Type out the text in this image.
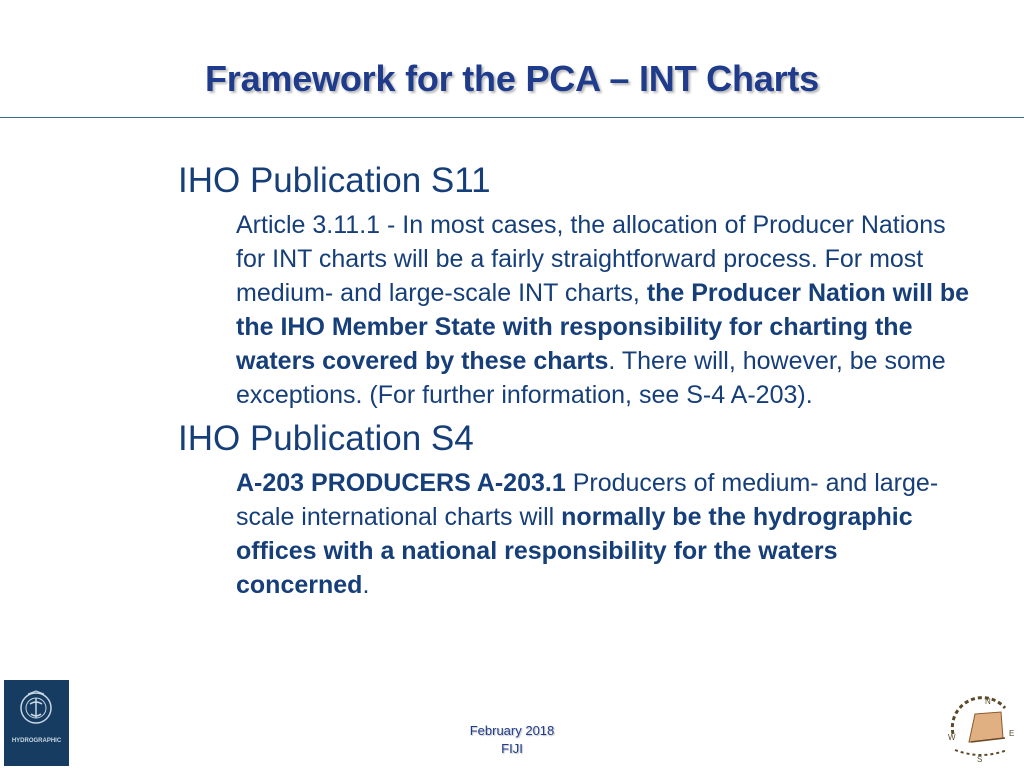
Framework for the PCA – INT Charts

IHO Publication S11

Article 3.11.1 - In most cases, the allocation of Producer Nations for INT charts will be a fairly straightforward process. For most medium- and large-scale INT charts, the Producer Nation will be the IHO Member State with responsibility for charting the waters covered by these charts. There will, however, be some exceptions. (For further information, see S-4 A-203).

IHO Publication S4

A-203 PRODUCERS A-203.1 Producers of medium- and large-scale international charts will normally be the hydrographic offices with a national responsibility for the waters concerned.

HYDROGRAPHIC
February 2018
FIJI
N
E
S
W
